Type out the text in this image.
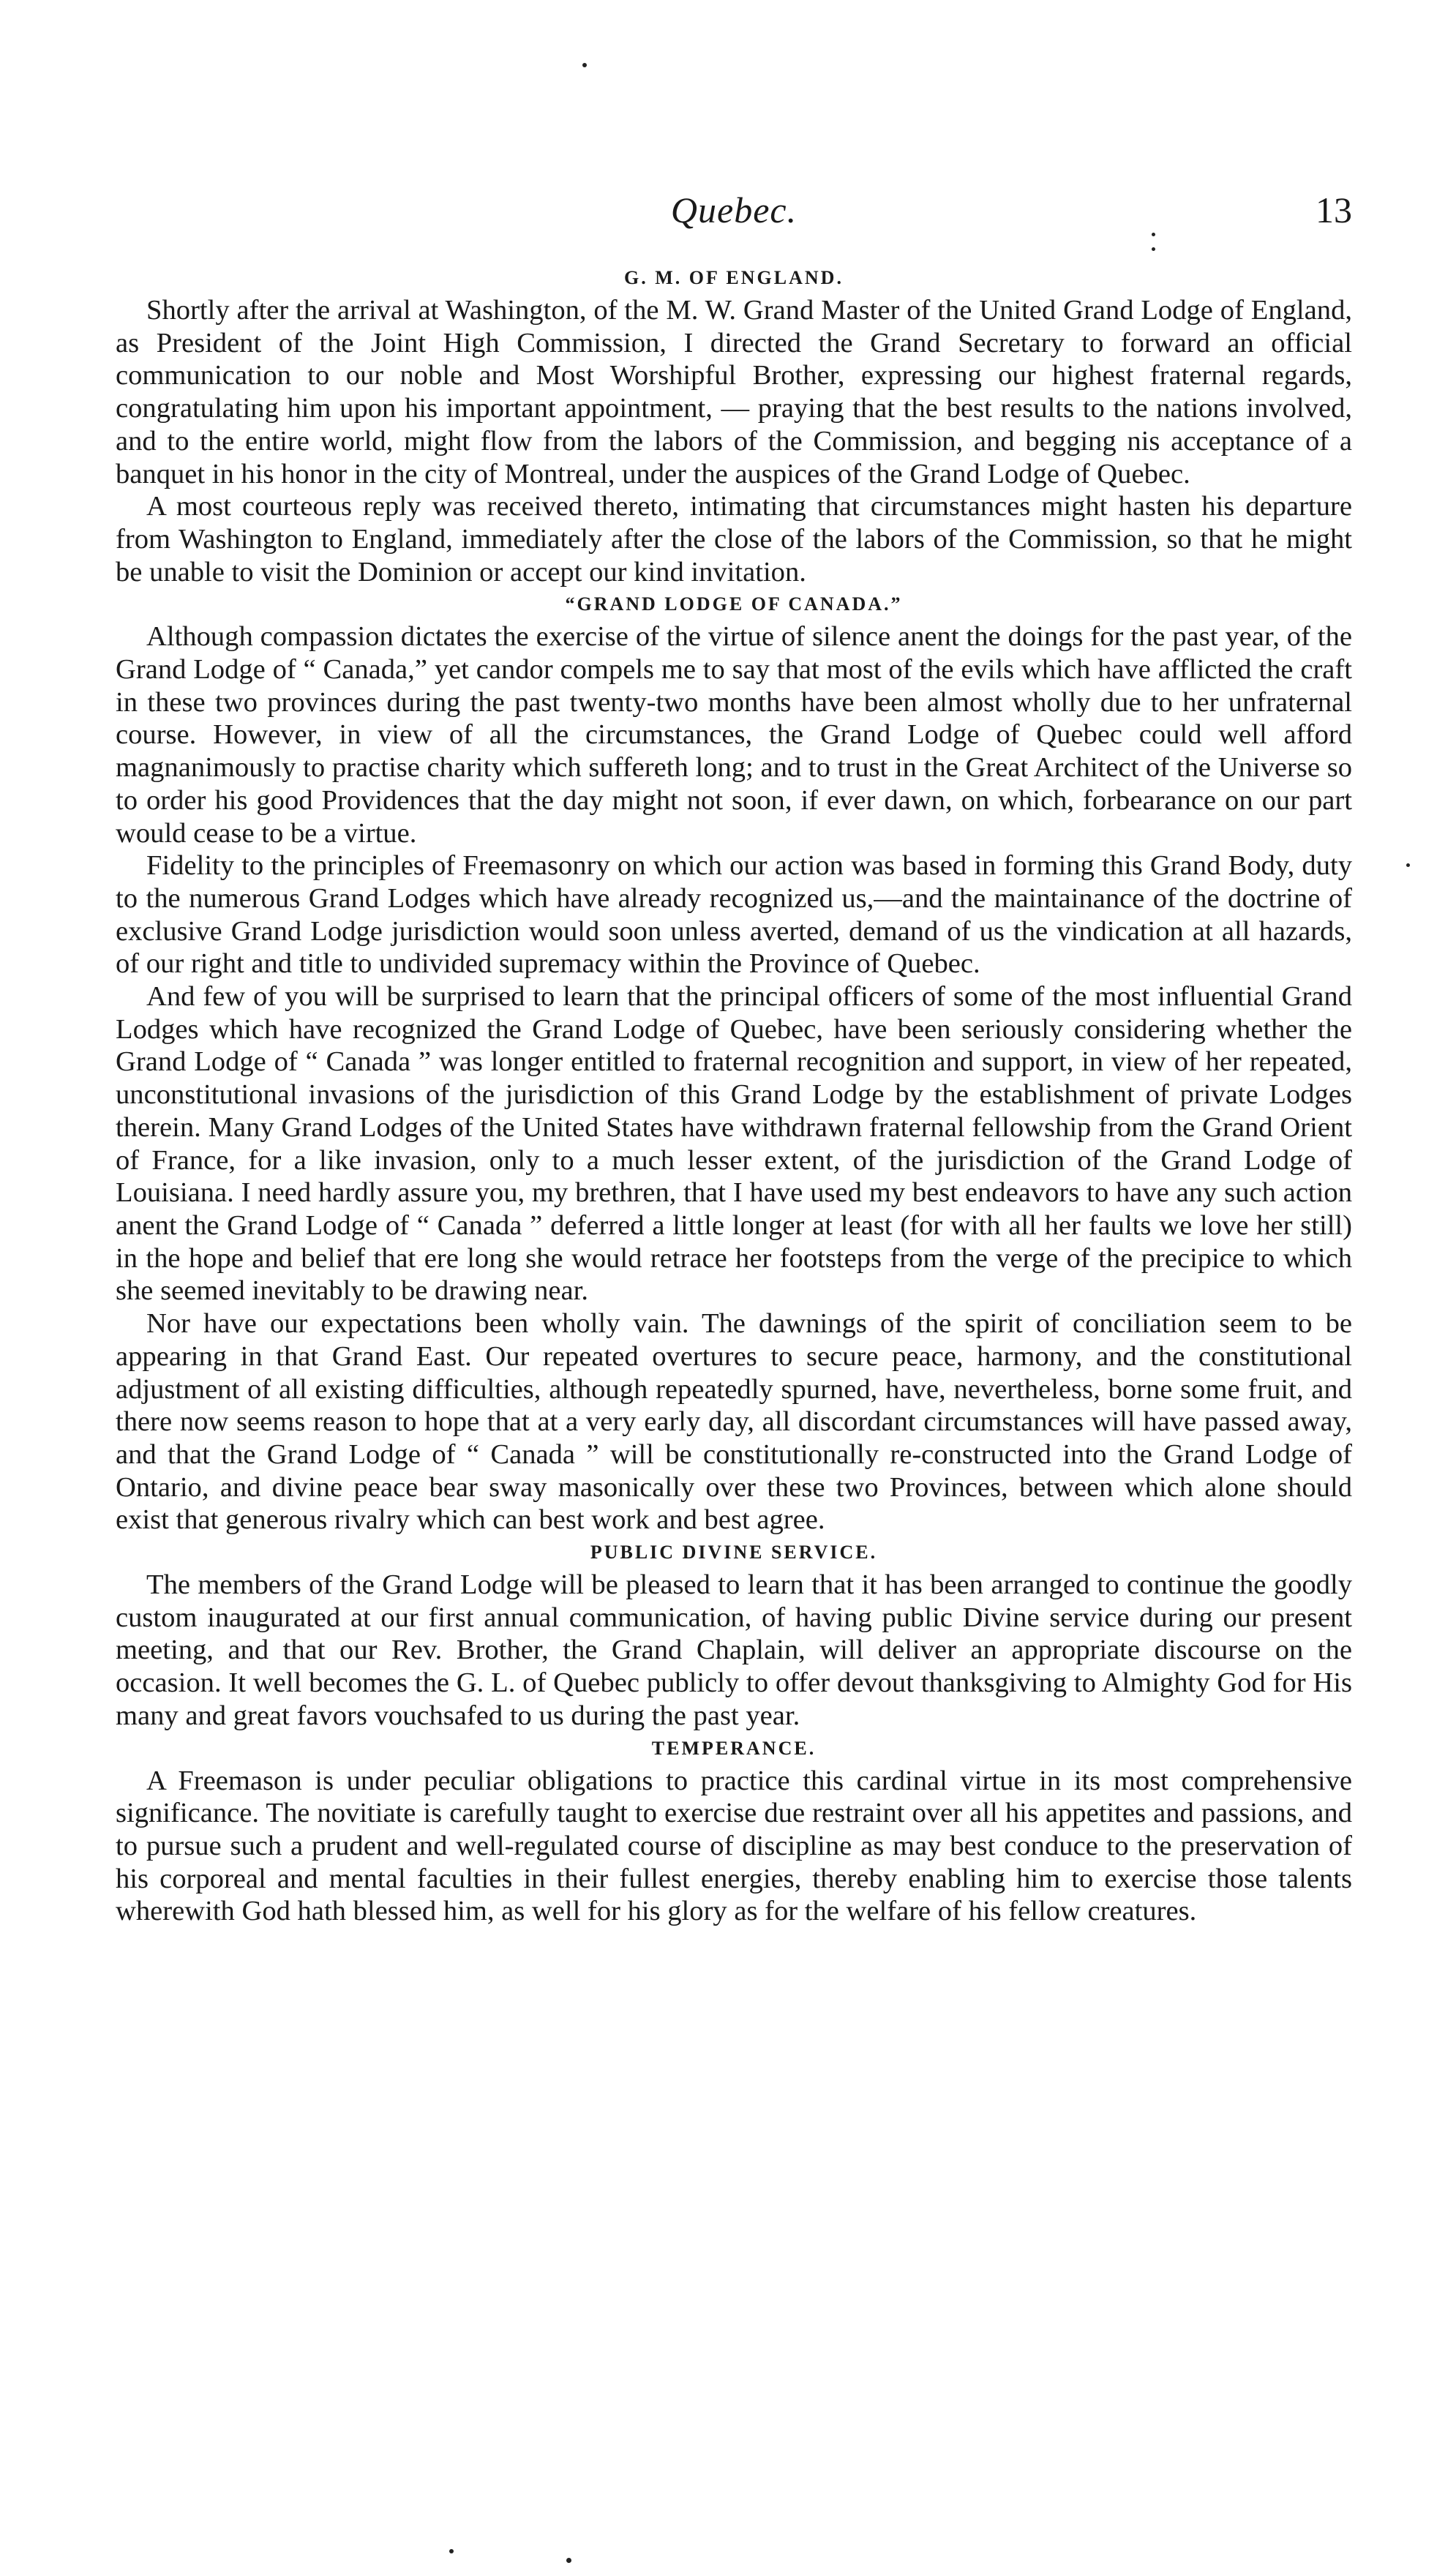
Quebec.	13
G. M. OF ENGLAND.

Shortly after the arrival at Washington, of the M. W. Grand Master of the United Grand Lodge of England, as President of the Joint High Commission, I directed the Grand Secretary to forward an official communication to our noble and Most Worshipful Brother, expressing our highest fraternal regards, congratulating him upon his important appointment, — praying that the best results to the nations involved, and to the entire world, might flow from the labors of the Commission, and begging nis acceptance of a banquet in his honor in the city of Montreal, under the auspices of the Grand Lodge of Quebec.

A most courteous reply was received thereto, intimating that circumstances might hasten his departure from Washington to England, immediately after the close of the labors of the Commission, so that he might be unable to visit the Dominion or accept our kind invitation.

“GRAND LODGE OF CANADA.”

Although compassion dictates the exercise of the virtue of silence anent the doings for the past year, of the Grand Lodge of “ Canada,” yet candor compels me to say that most of the evils which have afflicted the craft in these two provinces during the past twenty-two months have been almost wholly due to her unfraternal course. However, in view of all the circumstances, the Grand Lodge of Quebec could well afford magnanimously to practise charity which suffereth long; and to trust in the Great Architect of the Universe so to order his good Providences that the day might not soon, if ever dawn, on which, forbearance on our part would cease to be a virtue.

Fidelity to the principles of Freemasonry on which our action was based in forming this Grand Body, duty to the numerous Grand Lodges which have already recognized us,—and the maintainance of the doctrine of exclusive Grand Lodge jurisdiction would soon unless averted, demand of us the vindication at all hazards, of our right and title to undivided supremacy within the Province of Quebec.

And few of you will be surprised to learn that the principal officers of some of the most influential Grand Lodges which have recognized the Grand Lodge of Quebec, have been seriously considering whether the Grand Lodge of “ Canada ” was longer entitled to fraternal recognition and support, in view of her repeated, unconstitutional invasions of the jurisdiction of this Grand Lodge by the establishment of private Lodges therein. Many Grand Lodges of the United States have withdrawn fraternal fellowship from the Grand Orient of France, for a like invasion, only to a much lesser extent, of the jurisdiction of the Grand Lodge of Louisiana. I need hardly assure you, my brethren, that I have used my best endeavors to have any such action anent the Grand Lodge of “ Canada ” deferred a little longer at least (for with all her faults we love her still) in the hope and belief that ere long she would retrace her footsteps from the verge of the precipice to which she seemed inevitably to be drawing near.

Nor have our expectations been wholly vain. The dawnings of the spirit of conciliation seem to be appearing in that Grand East. Our repeated overtures to secure peace, harmony, and the constitutional adjustment of all existing difficulties, although repeatedly spurned, have, nevertheless, borne some fruit, and there now seems reason to hope that at a very early day, all discordant circumstances will have passed away, and that the Grand Lodge of “ Canada ” will be constitutionally re-constructed into the Grand Lodge of Ontario, and divine peace bear sway masonically over these two Provinces, between which alone should exist that generous rivalry which can best work and best agree.

PUBLIC DIVINE SERVICE.

The members of the Grand Lodge will be pleased to learn that it has been arranged to continue the goodly custom inaugurated at our first annual communication, of having public Divine service during our present meeting, and that our Rev. Brother, the Grand Chaplain, will deliver an appropriate discourse on the occasion. It well becomes the G. L. of Quebec publicly to offer devout thanksgiving to Almighty God for His many and great favors vouchsafed to us during the past year.

TEMPERANCE.

A Freemason is under peculiar obligations to practice this cardinal virtue in its most comprehensive significance. The novitiate is carefully taught to exercise due restraint over all his appetites and passions, and to pursue such a prudent and well-regulated course of discipline as may best conduce to the preservation of his corporeal and mental faculties in their fullest energies, thereby enabling him to exercise those talents wherewith God hath blessed him, as well for his glory as for the welfare of his fellow creatures.
